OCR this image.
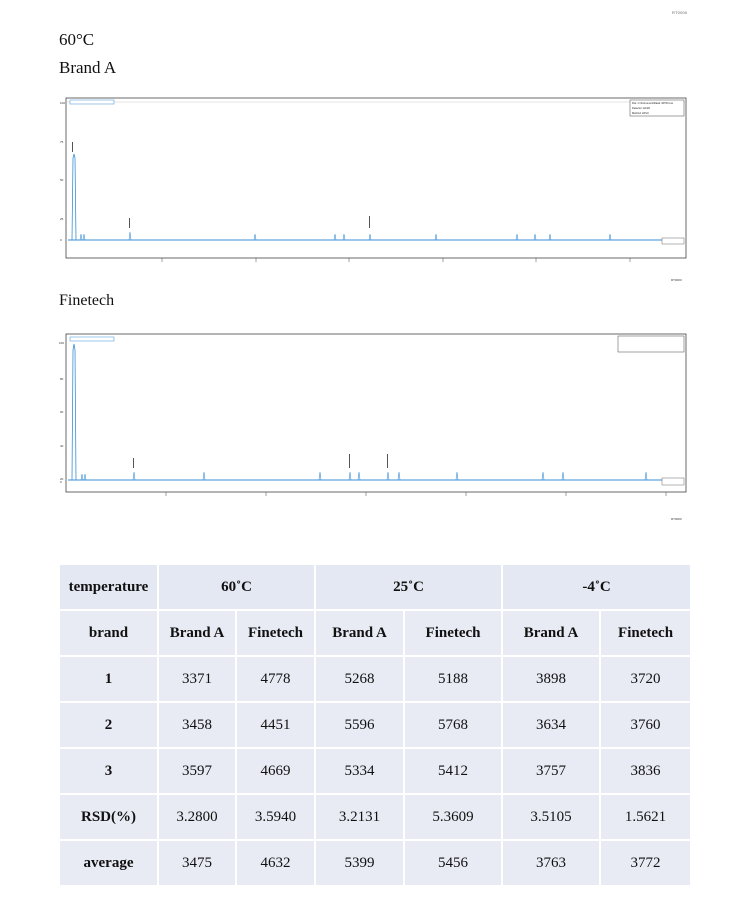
RT0000
60°C
Brand A
File: C:\Instrument\Data\..\RT00.csv
Detector: ELSD
Method: HPLC
100
75
50
25
0
RT0000
Finetech
100
80
60
40
20
0
RT0000
temperature	60˚C		25˚C		-4˚C	
brand	Brand A	Finetech	Brand A	Finetech	Brand A	Finetech
1	3371	4778	5268	5188	3898	3720
2	3458	4451	5596	5768	3634	3760
3	3597	4669	5334	5412	3757	3836
RSD(%)	3.2800	3.5940	3.2131	5.3609	3.5105	1.5621
average	3475	4632	5399	5456	3763	3772
